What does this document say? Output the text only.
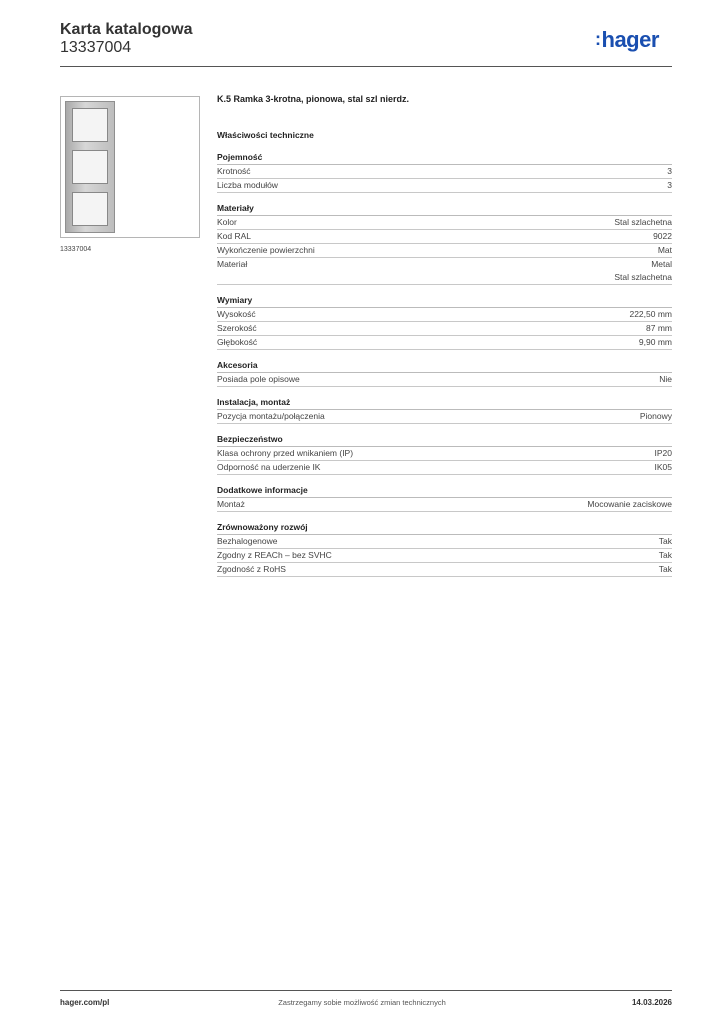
Karta katalogowa
13337004	:hager
13337004
K.5 Ramka 3-krotna, pionowa, stal szl nierdz.
Właściwości techniczne
Pojemność
Krotność	3
Liczba modułów	3
Materiały
Kolor	Stal szlachetna
Kod RAL	9022
Wykończenie powierzchni	Mat
Materiał	Metal
Stal szlachetna
Wymiary
Wysokość	222,50 mm
Szerokość	87 mm
Głębokość	9,90 mm
Akcesoria
Posiada pole opisowe	Nie
Instalacja, montaż
Pozycja montażu/połączenia	Pionowy
Bezpieczeństwo
Klasa ochrony przed wnikaniem (IP)	IP20
Odporność na uderzenie IK	IK05
Dodatkowe informacje
Montaż	Mocowanie zaciskowe
Zrównoważony rozwój
Bezhalogenowe	Tak
Zgodny z REACh – bez SVHC	Tak
Zgodność z RoHS	Tak
hager.com/pl	Zastrzegamy sobie możliwość zmian technicznych	14.03.2026
